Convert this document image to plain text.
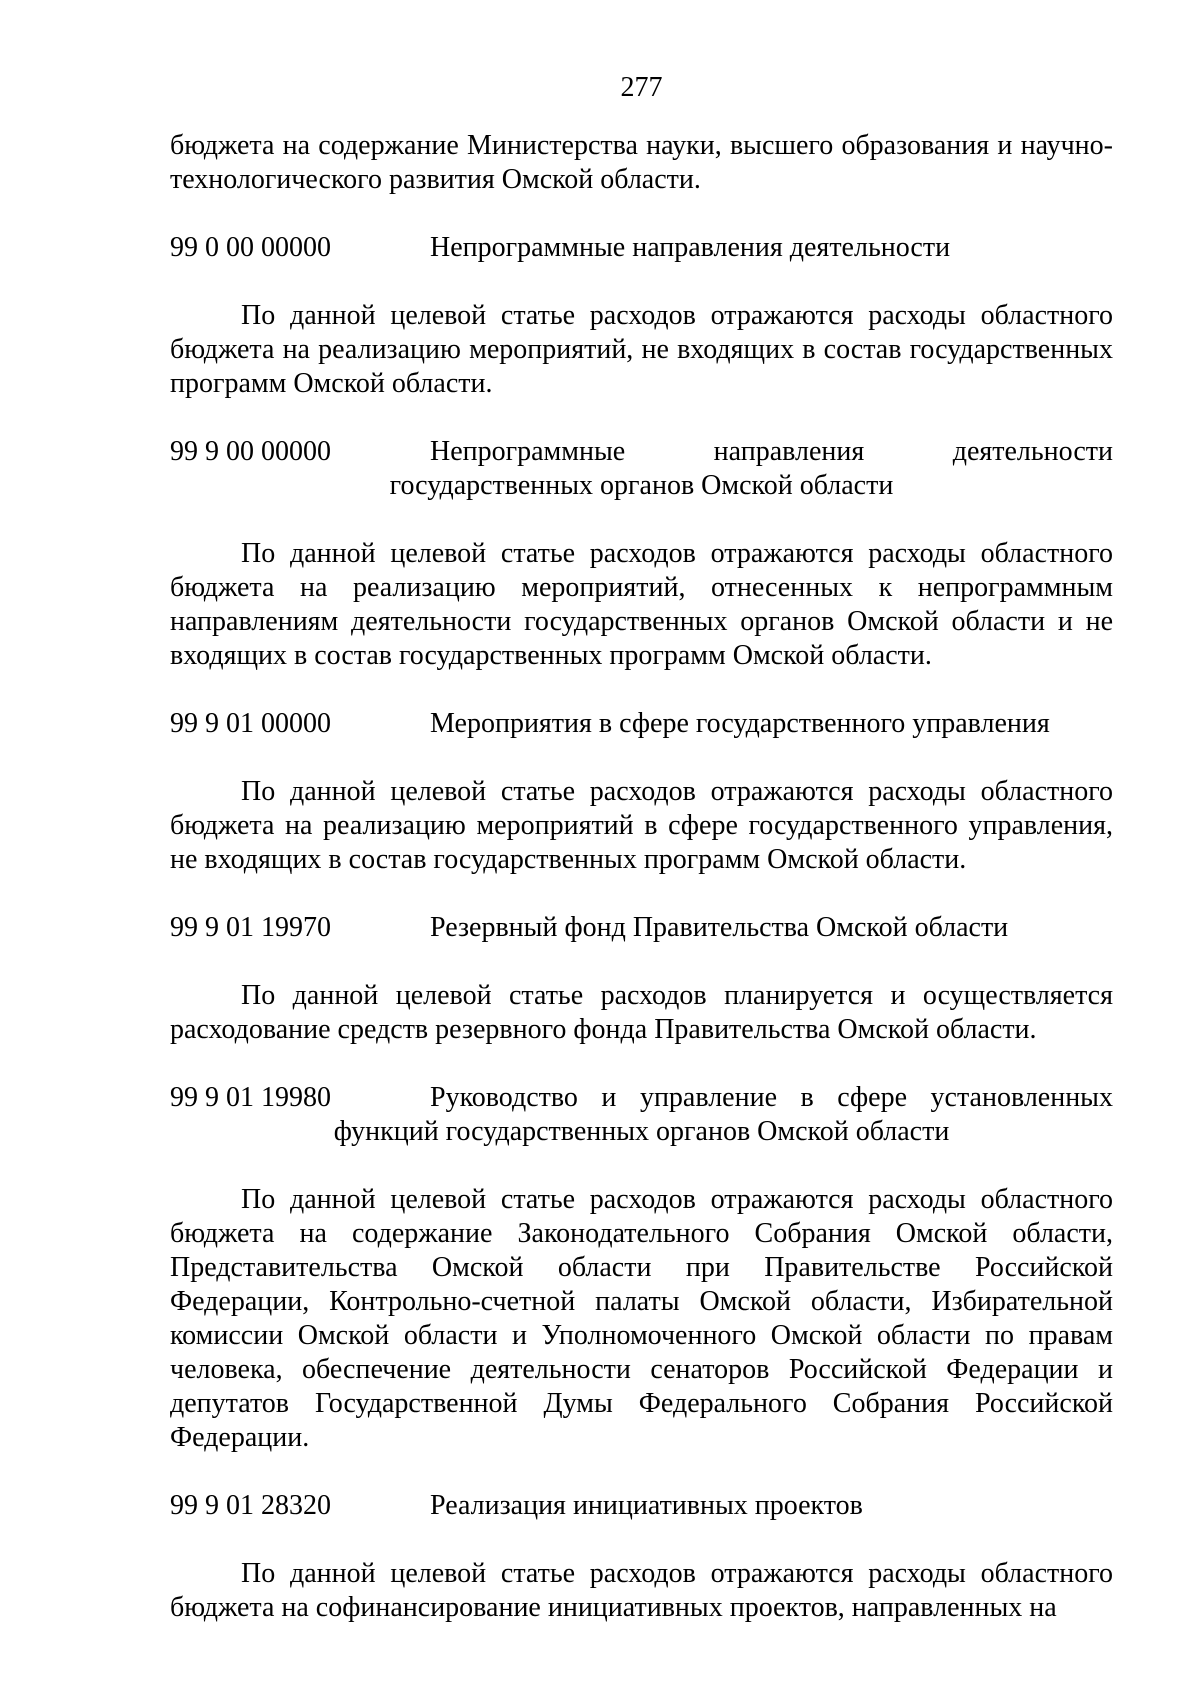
277

бюджета на содержание Министерства науки, высшего образования и научно-технологического развития Омской области.

99 0 00 00000	Непрограммные направления деятельности

По данной целевой статье расходов отражаются расходы областного бюджета на реализацию мероприятий, не входящих в состав государственных программ Омской области.

99 9 00 00000	Непрограммные направления деятельности
государственных органов Омской области

По данной целевой статье расходов отражаются расходы областного бюджета на реализацию мероприятий, отнесенных к непрограммным направлениям деятельности государственных органов Омской области и не входящих в состав государственных программ Омской области.

99 9 01 00000	Мероприятия в сфере государственного управления

По данной целевой статье расходов отражаются расходы областного бюджета на реализацию мероприятий в сфере государственного управления, не входящих в состав государственных программ Омской области.

99 9 01 19970	Резервный фонд Правительства Омской области

По данной целевой статье расходов планируется и осуществляется расходование средств резервного фонда Правительства Омской области.

99 9 01 19980	Руководство и управление в сфере установленных
функций государственных органов Омской области

По данной целевой статье расходов отражаются расходы областного бюджета на содержание Законодательного Собрания Омской области, Представительства Омской области при Правительстве Российской Федерации, Контрольно-счетной палаты Омской области, Избирательной комиссии Омской области и Уполномоченного Омской области по правам человека, обеспечение деятельности сенаторов Российской Федерации и депутатов Государственной Думы Федерального Собрания Российской Федерации.

99 9 01 28320	Реализация инициативных проектов

По данной целевой статье расходов отражаются расходы областного бюджета на софинансирование инициативных проектов, направленных на
